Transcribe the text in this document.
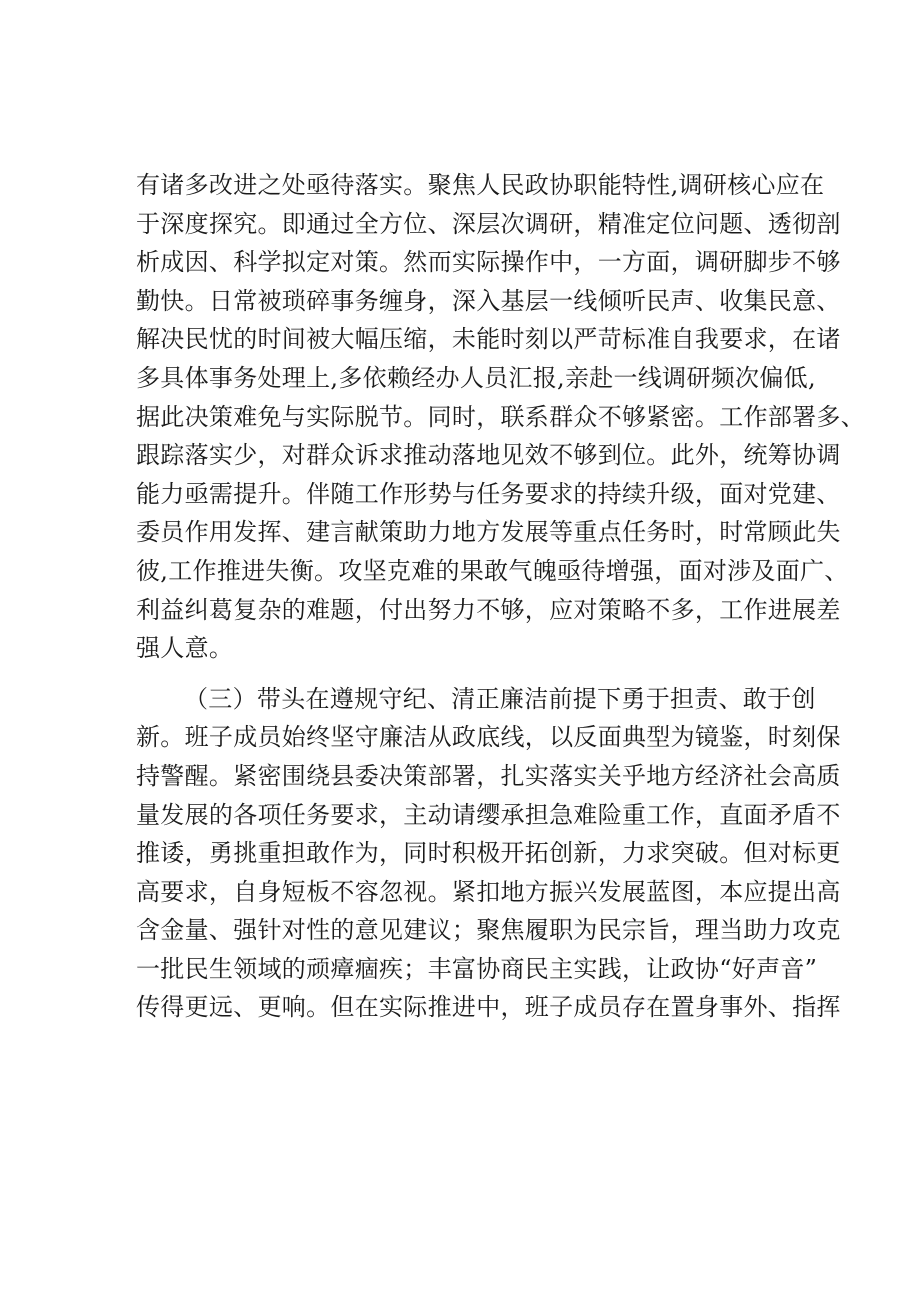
有诸多改进之处亟待落实。聚焦人民政协职能特性,调研核心应在
于深度探究。即通过全方位、深层次调研，精准定位问题、透彻剖
析成因、科学拟定对策。然而实际操作中，一方面，调研脚步不够
勤快。日常被琐碎事务缠身，深入基层一线倾听民声、收集民意、
解决民忧的时间被大幅压缩，未能时刻以严苛标准自我要求，在诸
多具体事务处理上,多依赖经办人员汇报,亲赴一线调研频次偏低,
据此决策难免与实际脱节。同时，联系群众不够紧密。工作部署多、
跟踪落实少，对群众诉求推动落地见效不够到位。此外，统筹协调
能力亟需提升。伴随工作形势与任务要求的持续升级，面对党建、
委员作用发挥、建言献策助力地方发展等重点任务时，时常顾此失
彼,工作推进失衡。攻坚克难的果敢气魄亟待增强，面对涉及面广、
利益纠葛复杂的难题，付出努力不够，应对策略不多，工作进展差
强人意。
（三）带头在遵规守纪、清正廉洁前提下勇于担责、敢于创
新。班子成员始终坚守廉洁从政底线，以反面典型为镜鉴，时刻保
持警醒。紧密围绕县委决策部署，扎实落实关乎地方经济社会高质
量发展的各项任务要求，主动请缨承担急难险重工作，直面矛盾不
推诿，勇挑重担敢作为，同时积极开拓创新，力求突破。但对标更
高要求，自身短板不容忽视。紧扣地方振兴发展蓝图，本应提出高
含金量、强针对性的意见建议；聚焦履职为民宗旨，理当助力攻克
一批民生领域的顽瘴痼疾；丰富协商民主实践，让政协“好声音”
传得更远、更响。但在实际推进中，班子成员存在置身事外、指挥
